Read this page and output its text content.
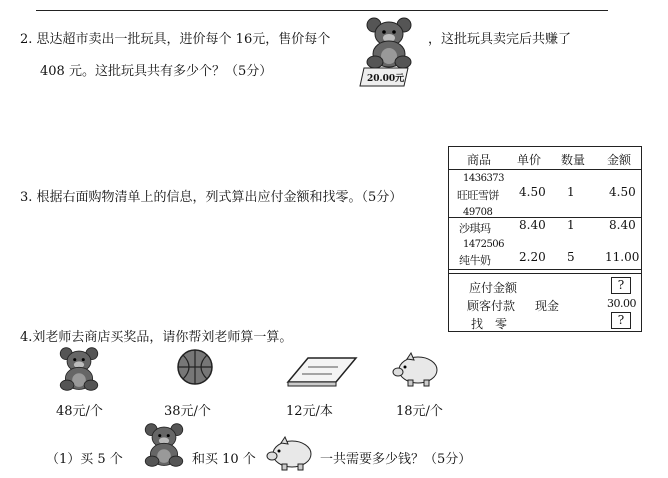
2. 思达超市卖出一批玩具，进价每个 16元，售价每个
20.00元
，这批玩具卖完后共赚了
408 元。这批玩具共有多少个？（5分）
3. 根据右面购物清单上的信息，列式算出应付金额和找零。（5分）
商品 单价 数量 金额
1436373
旺旺雪饼 4.50 1	4.50
49708
沙琪玛 8.40 1	8.40
1472506
纯牛奶 2.20 5	11.00
应付金额	?
顾客付款 现金	30.00
找　零	?
4.刘老师去商店买奖品，请你帮刘老师算一算。
48元/个	38元/个	12元/本	18元/个
（1）买 5 个	和买 10 个	一共需要多少钱？（5分）
